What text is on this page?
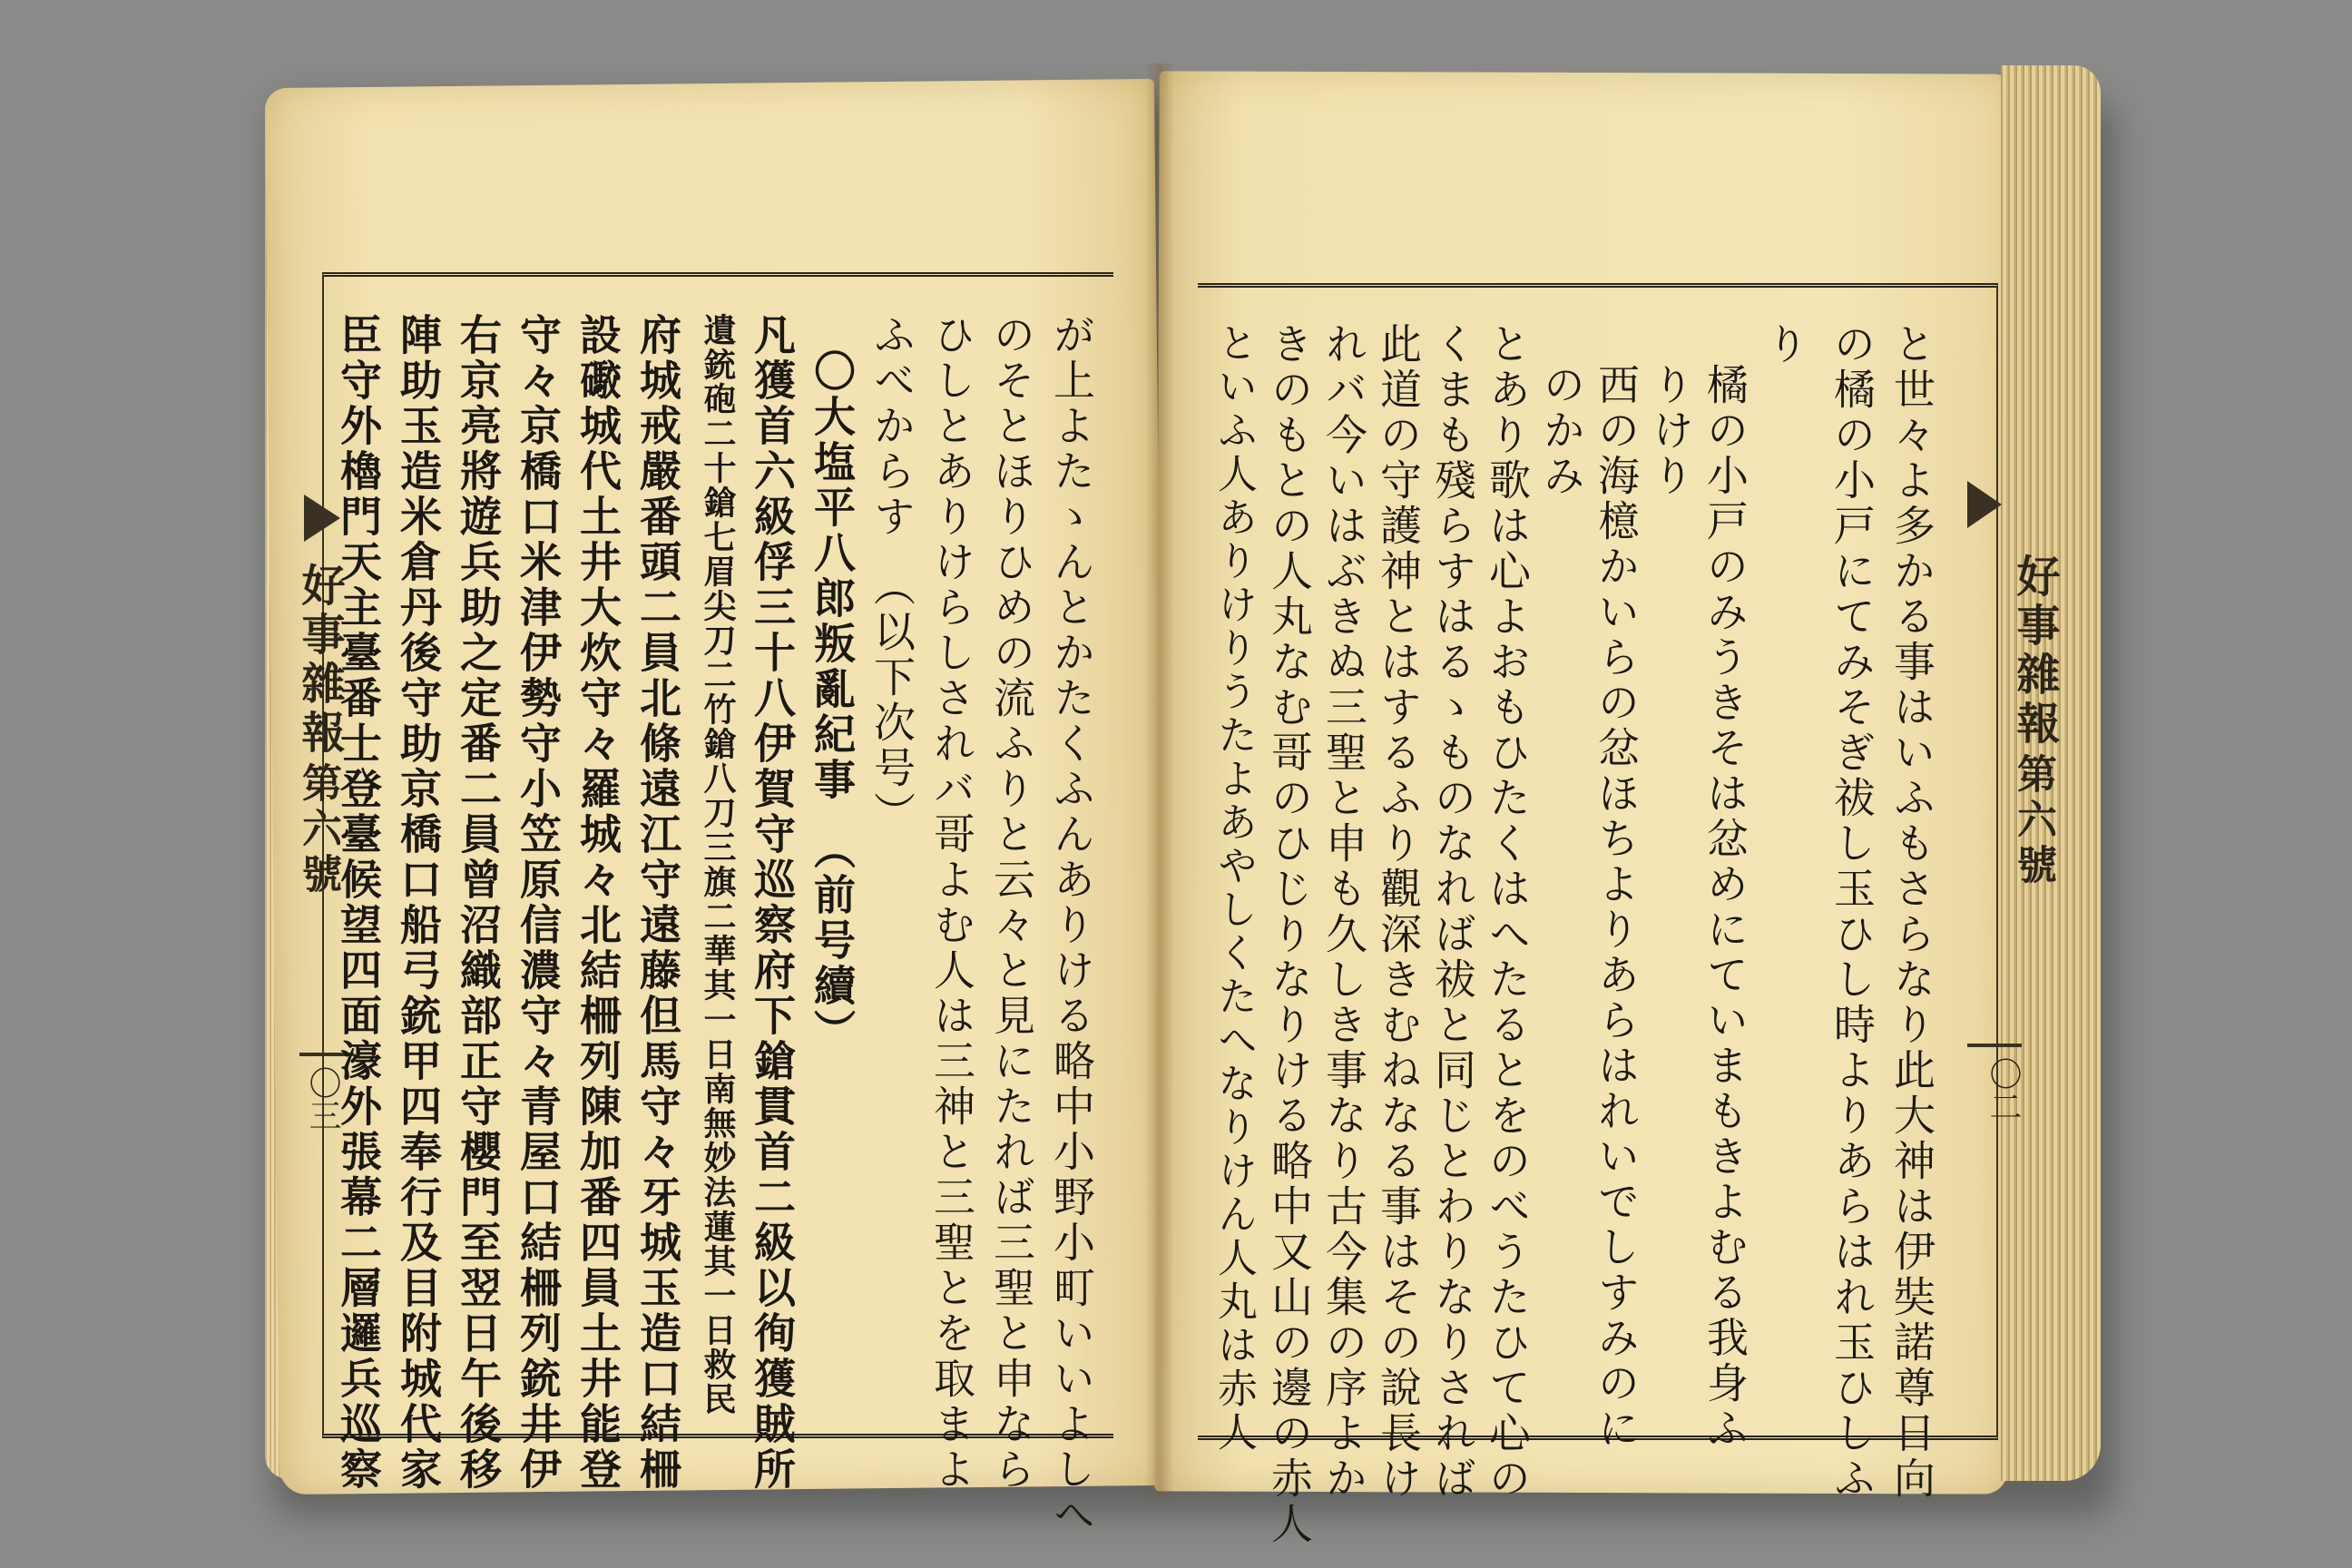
好事雜報
第六號
〇三
好事雜報
第六號
〇二
と世々よ多かる事はいふもさらなり此大神は伊奘諾尊日向
の橘の小戸にてみそぎ祓し玉ひし時よりあらはれ玉ひしふ
り
橘の小戸のみうきそは忿めにていまもきよむる我身ふ
りけり
西の海檍かいらの忿ほちよりあらはれいでしすみのに
のかみ
とあり歌は心よおもひたくはへたるとをのべうたひて心の
くまも殘らすはるゝものなれば祓と同じとわりなりされば
此道の守護神とはするふり觀深きむねなる事はその說長け
れバ今いはぶきぬ三聖と申も久しき事なり古今集の序よか
きのもとの人丸なむ哥のひじりなりける略中又山の邊の赤人
が上よたゝんとかたくふんありける略中小野小町いいよしへ
のそとほりひめの流ふりと云々と見にたれば三聖と申なら
ひしとありけらしされバ哥よむ人は三神と三聖とを取まよ
ふべからす　（以下次号）
〇大塩平八郎叛亂紀事　（前号續）
凡獲首六級俘三十八伊賀守巡察府下鎗貫首二級以徇獲賊所
遺銃砲二十鎗七眉尖刀二竹鎗八刀三旗二華其一日南無妙法蓮其一日救民
府城戒嚴番頭二員北條遠江守遠藤但馬守々牙城玉造口結柵
設礮城代土井大炊守々羅城々北結柵列陳加番四員土井能登
守々京橋口米津伊勢守小笠原信濃守々青屋口結柵列銃井伊
右京亮將遊兵助之定番二員曾沼織部正守櫻門至翌日午後移
陣助玉造米倉丹後守助京橋口船弓銃甲四奉行及目附城代家
臣守外櫓門天主臺番士登臺候望四面濠外張幕二層邏兵巡察	といふ人ありけりうたよあやしくたへなりけん人丸は赤人
